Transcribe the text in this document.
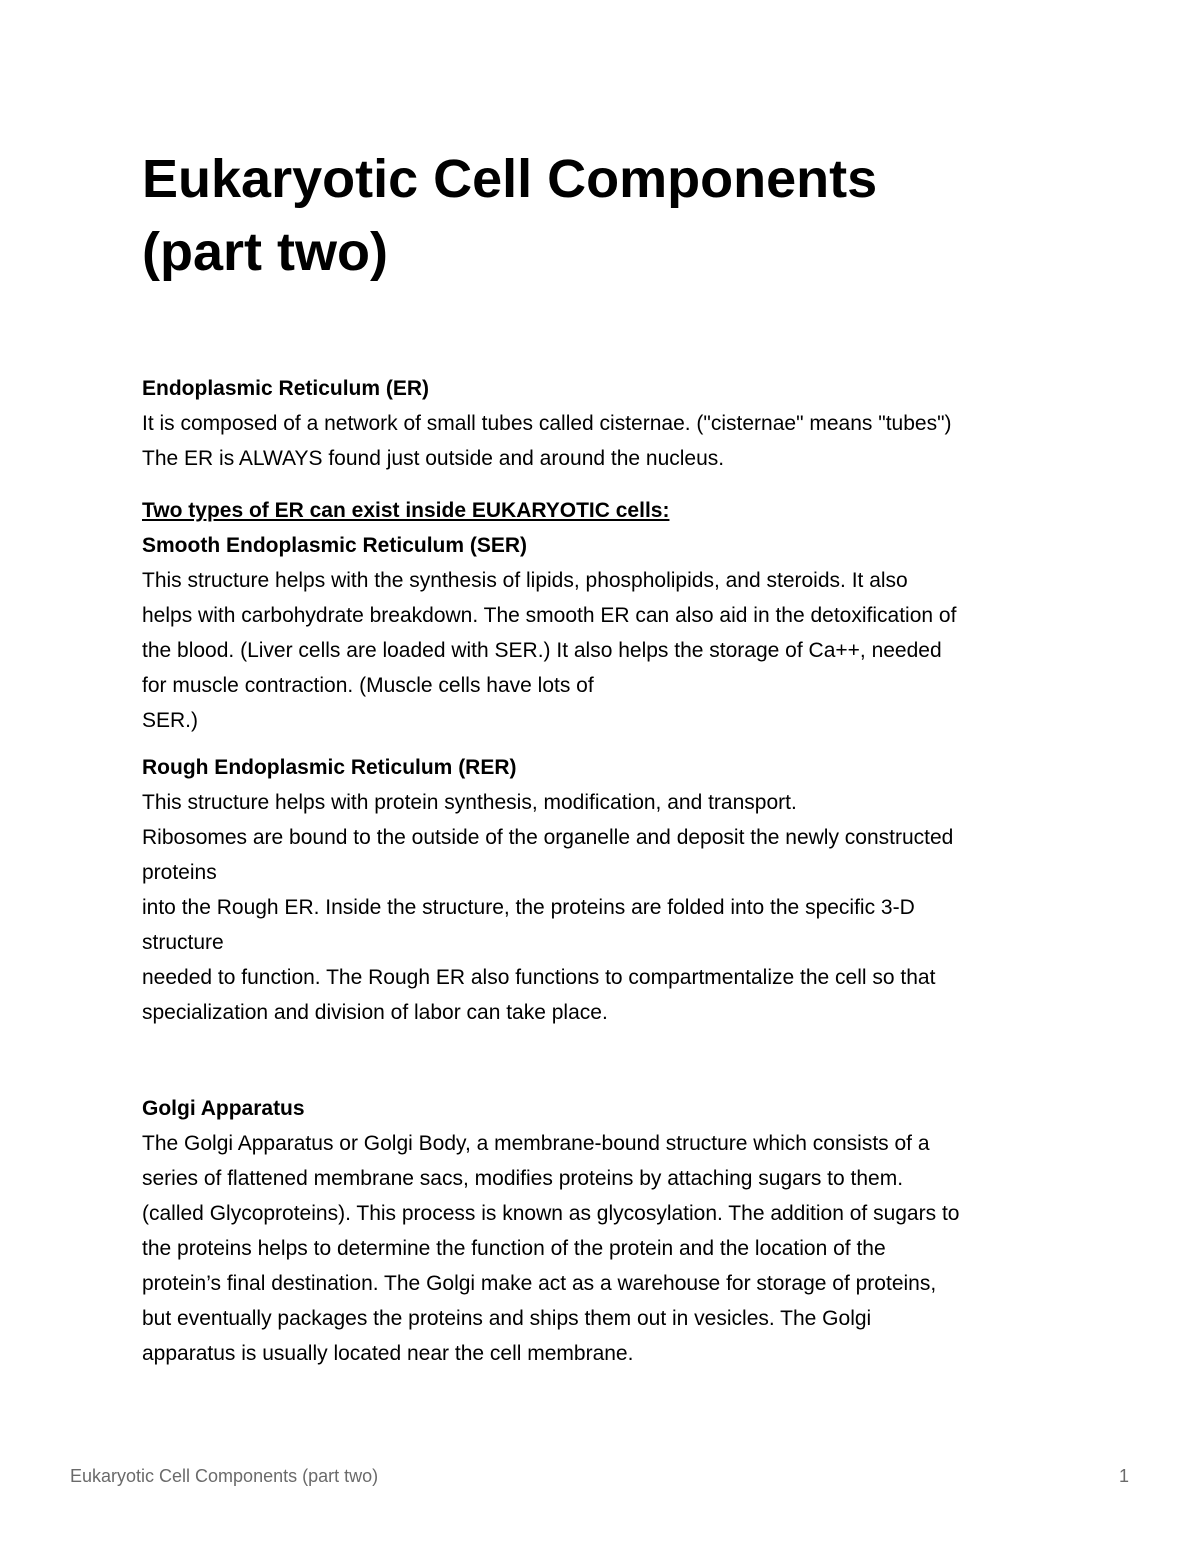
Eukaryotic Cell Components
(part two)
Endoplasmic Reticulum (ER)
It is composed of a network of small tubes called cisternae. ("cisternae" means "tubes")
The ER is ALWAYS found just outside and around the nucleus.
Two types of ER can exist inside EUKARYOTIC cells:
Smooth Endoplasmic Reticulum (SER)
This structure helps with the synthesis of lipids, phospholipids, and steroids. It also
helps with carbohydrate breakdown. The smooth ER can also aid in the detoxification of
the blood. (Liver cells are loaded with SER.) It also helps the storage of Ca++, needed
for muscle contraction. (Muscle cells have lots of
SER.)
Rough Endoplasmic Reticulum (RER)
This structure helps with protein synthesis, modification, and transport.
Ribosomes are bound to the outside of the organelle and deposit the newly constructed
proteins
into the Rough ER. Inside the structure, the proteins are folded into the specific 3-D
structure
needed to function. The Rough ER also functions to compartmentalize the cell so that
specialization and division of labor can take place.
Golgi Apparatus
The Golgi Apparatus or Golgi Body, a membrane-bound structure which consists of a
series of flattened membrane sacs, modifies proteins by attaching sugars to them.
(called Glycoproteins). This process is known as glycosylation. The addition of sugars to
the proteins helps to determine the function of the protein and the location of the
protein’s final destination. The Golgi make act as a warehouse for storage of proteins,
but eventually packages the proteins and ships them out in vesicles. The Golgi
apparatus is usually located near the cell membrane.
Eukaryotic Cell Components (part two)	1
